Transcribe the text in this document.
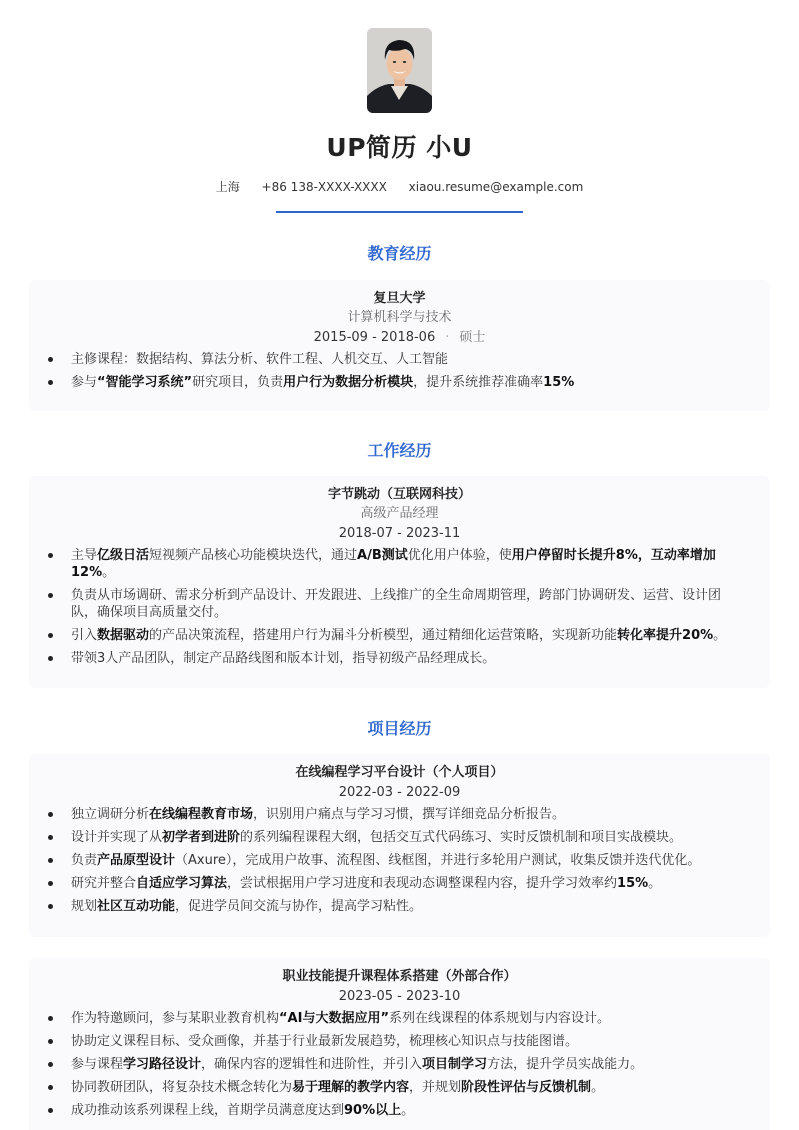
UP简历 小U
上海 +86 138-XXXX-XXXX xiaou.resume@example.com
教育经历
复旦大学
计算机科学与技术
2015-09 - 2018-06 · 硕士
主修课程：数据结构、算法分析、软件工程、人机交互、人工智能
参与“智能学习系统”研究项目，负责用户行为数据分析模块，提升系统推荐准确率15%
工作经历
字节跳动（互联网科技）
高级产品经理
2018-07 - 2023-11
主导亿级日活短视频产品核心功能模块迭代，通过A/B测试优化用户体验，使用户停留时长提升8%，互动率增加12%。
负责从市场调研、需求分析到产品设计、开发跟进、上线推广的全生命周期管理，跨部门协调研发、运营、设计团队，确保项目高质量交付。
引入数据驱动的产品决策流程，搭建用户行为漏斗分析模型，通过精细化运营策略，实现新功能转化率提升20%。
带领3人产品团队，制定产品路线图和版本计划，指导初级产品经理成长。
项目经历
在线编程学习平台设计（个人项目）
2022-03 - 2022-09
独立调研分析在线编程教育市场，识别用户痛点与学习习惯，撰写详细竞品分析报告。
设计并实现了从初学者到进阶的系列编程课程大纲，包括交互式代码练习、实时反馈机制和项目实战模块。
负责产品原型设计（Axure），完成用户故事、流程图、线框图，并进行多轮用户测试，收集反馈并迭代优化。
研究并整合自适应学习算法，尝试根据用户学习进度和表现动态调整课程内容，提升学习效率约15%。
规划社区互动功能，促进学员间交流与协作，提高学习粘性。
职业技能提升课程体系搭建（外部合作）
2023-05 - 2023-10
作为特邀顾问，参与某职业教育机构“AI与大数据应用”系列在线课程的体系规划与内容设计。
协助定义课程目标、受众画像，并基于行业最新发展趋势，梳理核心知识点与技能图谱。
参与课程学习路径设计，确保内容的逻辑性和进阶性，并引入项目制学习方法，提升学员实战能力。
协同教研团队，将复杂技术概念转化为易于理解的教学内容，并规划阶段性评估与反馈机制。
成功推动该系列课程上线，首期学员满意度达到90%以上。
